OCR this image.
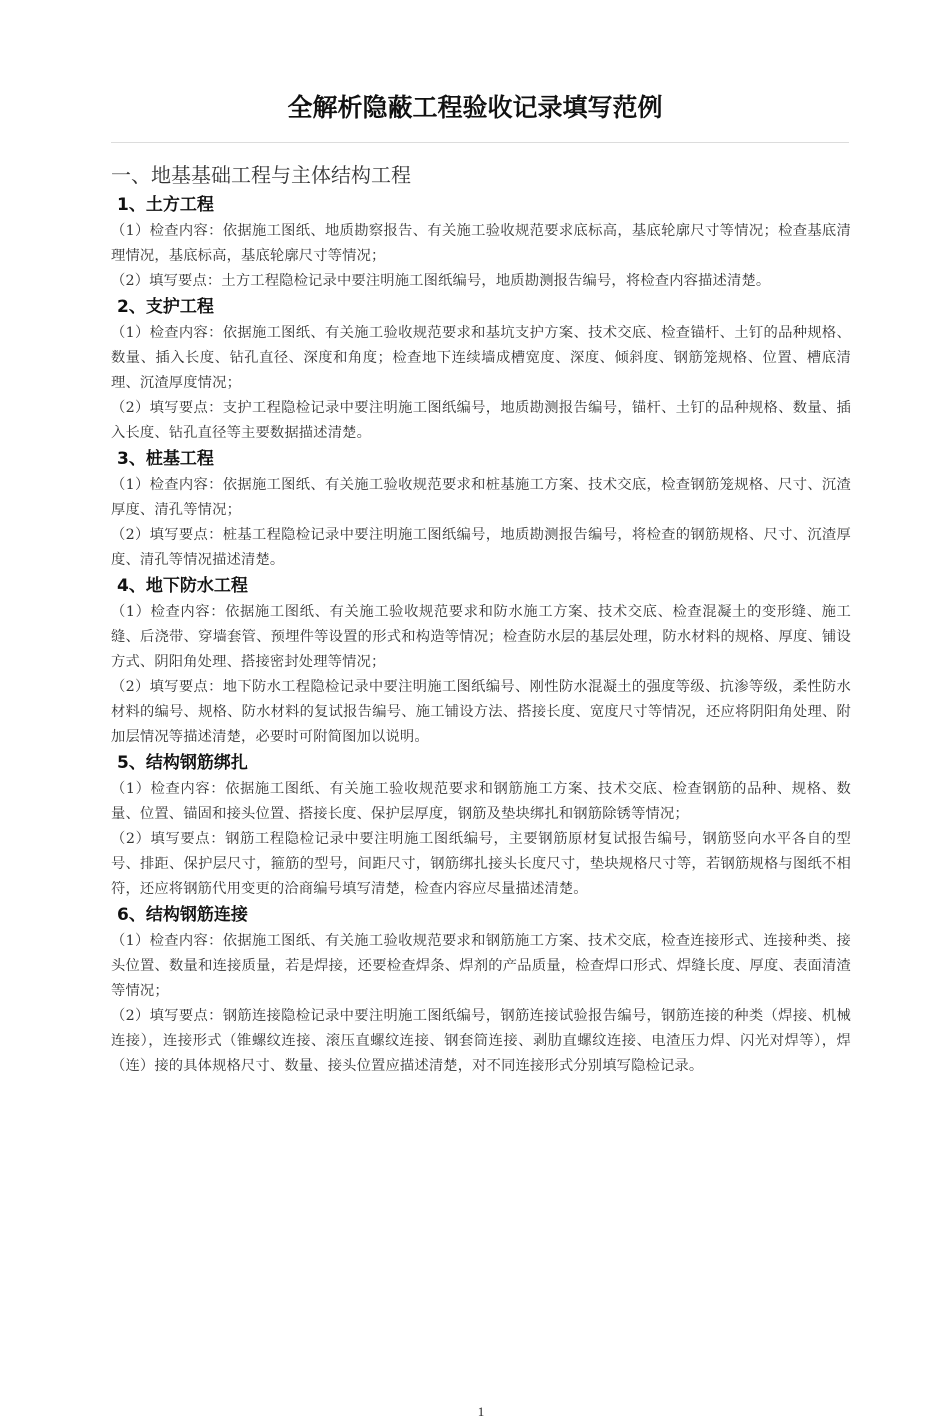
全解析隐蔽工程验收记录填写范例

一、地基基础工程与主体结构工程

1、土方工程

（1）检查内容：依据施工图纸、地质勘察报告、有关施工验收规范要求底标高，基底轮廓尺寸等情况；检查基底清理情况，基底标高，基底轮廓尺寸等情况；

（2）填写要点：土方工程隐检记录中要注明施工图纸编号，地质勘测报告编号，将检查内容描述清楚。

2、支护工程

（1）检查内容：依据施工图纸、有关施工验收规范要求和基坑支护方案、技术交底、检查锚杆、土钉的品种规格、数量、插入长度、钻孔直径、深度和角度；检查地下连续墙成槽宽度、深度、倾斜度、钢筋笼规格、位置、槽底清理、沉渣厚度情况；

（2）填写要点：支护工程隐检记录中要注明施工图纸编号，地质勘测报告编号，锚杆、土钉的品种规格、数量、插入长度、钻孔直径等主要数据描述清楚。

3、桩基工程

（1）检查内容：依据施工图纸、有关施工验收规范要求和桩基施工方案、技术交底，检查钢筋笼规格、尺寸、沉渣厚度、清孔等情况；

（2）填写要点：桩基工程隐检记录中要注明施工图纸编号，地质勘测报告编号，将检查的钢筋规格、尺寸、沉渣厚度、清孔等情况描述清楚。

4、地下防水工程

（1）检查内容：依据施工图纸、有关施工验收规范要求和防水施工方案、技术交底、检查混凝土的变形缝、施工缝、后浇带、穿墙套管、预埋件等设置的形式和构造等情况；检查防水层的基层处理，防水材料的规格、厚度、铺设方式、阴阳角处理、搭接密封处理等情况；

（2）填写要点：地下防水工程隐检记录中要注明施工图纸编号、刚性防水混凝土的强度等级、抗渗等级，柔性防水材料的编号、规格、防水材料的复试报告编号、施工铺设方法、搭接长度、宽度尺寸等情况，还应将阴阳角处理、附加层情况等描述清楚，必要时可附简图加以说明。

5、结构钢筋绑扎

（1）检查内容：依据施工图纸、有关施工验收规范要求和钢筋施工方案、技术交底、检查钢筋的品种、规格、数量、位置、锚固和接头位置、搭接长度、保护层厚度，钢筋及垫块绑扎和钢筋除锈等情况；

（2）填写要点：钢筋工程隐检记录中要注明施工图纸编号，主要钢筋原材复试报告编号，钢筋竖向水平各自的型号、排距、保护层尺寸，箍筋的型号，间距尺寸，钢筋绑扎接头长度尺寸，垫块规格尺寸等，若钢筋规格与图纸不相符，还应将钢筋代用变更的洽商编号填写清楚，检查内容应尽量描述清楚。

6、结构钢筋连接

（1）检查内容：依据施工图纸、有关施工验收规范要求和钢筋施工方案、技术交底，检查连接形式、连接种类、接头位置、数量和连接质量，若是焊接，还要检查焊条、焊剂的产品质量，检查焊口形式、焊缝长度、厚度、表面清渣等情况；

（2）填写要点：钢筋连接隐检记录中要注明施工图纸编号，钢筋连接试验报告编号，钢筋连接的种类（焊接、机械连接），连接形式（锥螺纹连接、滚压直螺纹连接、钢套筒连接、剥肋直螺纹连接、电渣压力焊、闪光对焊等），焊（连）接的具体规格尺寸、数量、接头位置应描述清楚，对不同连接形式分别填写隐检记录。

1
